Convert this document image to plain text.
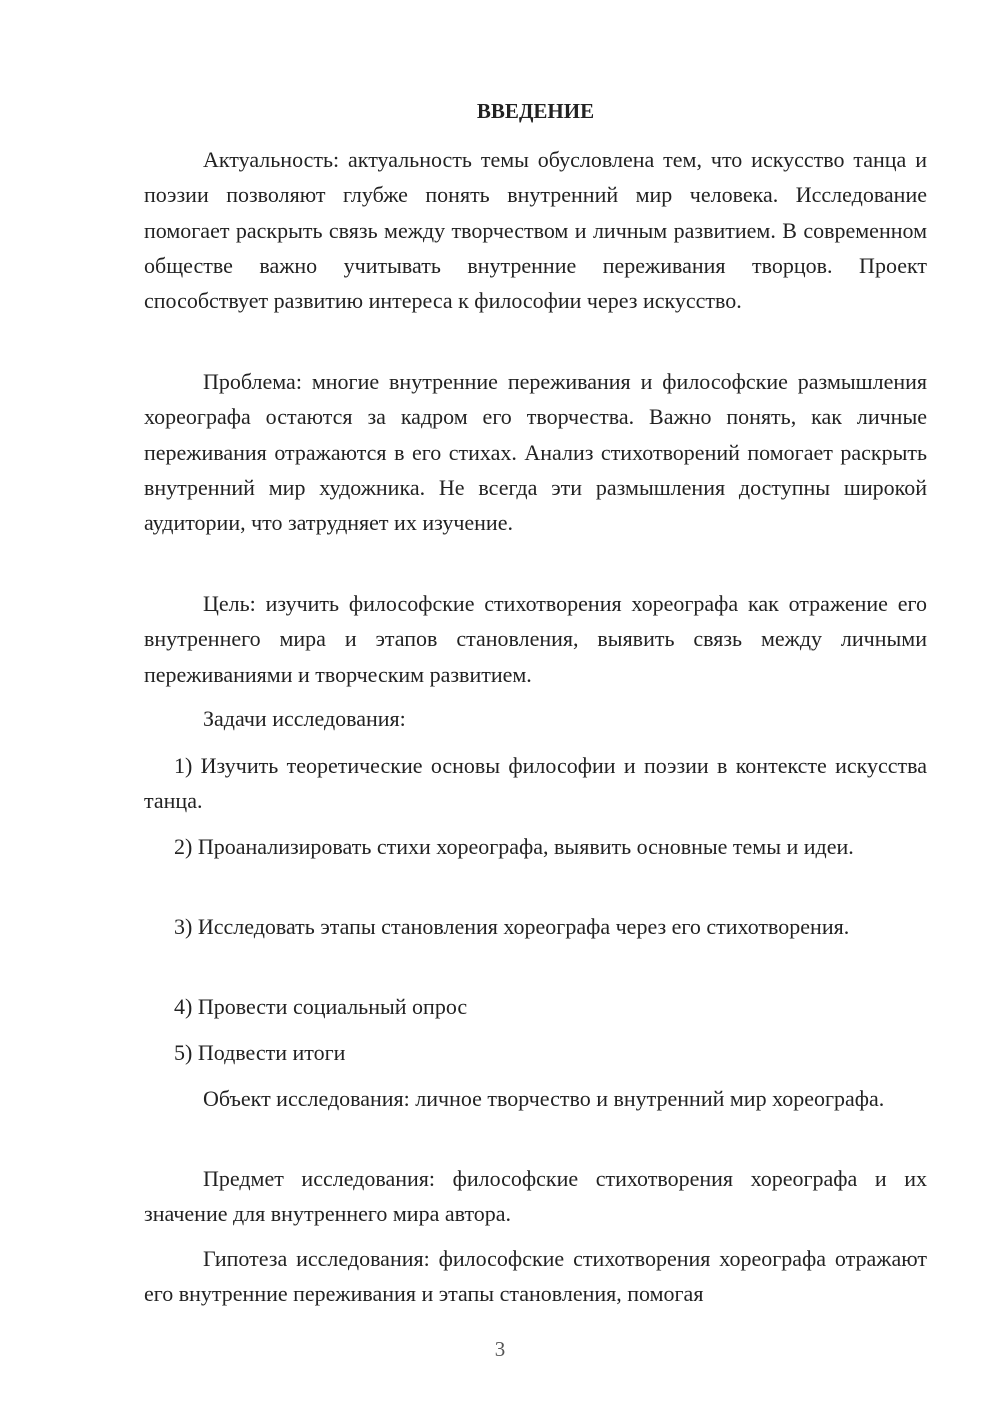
ВВЕДЕНИЕ

Актуальность: актуальность темы обусловлена тем, что искусство танца и поэзии позволяют глубже понять внутренний мир человека. Исследование помогает раскрыть связь между творчеством и личным развитием. В современном обществе важно учитывать внутренние переживания творцов. Проект способствует развитию интереса к философии через искусство.

Проблема: многие внутренние переживания и философские размышления хореографа остаются за кадром его творчества. Важно понять, как личные переживания отражаются в его стихах. Анализ стихотворений помогает раскрыть внутренний мир художника. Не всегда эти размышления доступны широкой аудитории, что затрудняет их изучение.

Цель: изучить философские стихотворения хореографа как отражение его внутреннего мира и этапов становления, выявить связь между личными переживаниями и творческим развитием.

Задачи исследования:

1) Изучить теоретические основы философии и поэзии в контексте искусства танца.

2) Проанализировать стихи хореографа, выявить основные темы и идеи.

3) Исследовать этапы становления хореографа через его стихотворения.

4) Провести социальный опрос

5) Подвести итоги

Объект исследования: личное творчество и внутренний мир хореографа.

Предмет исследования: философские стихотворения хореографа и их значение для внутреннего мира автора.

Гипотеза исследования: философские стихотворения хореографа отражают его внутренние переживания и этапы становления, помогая

3
